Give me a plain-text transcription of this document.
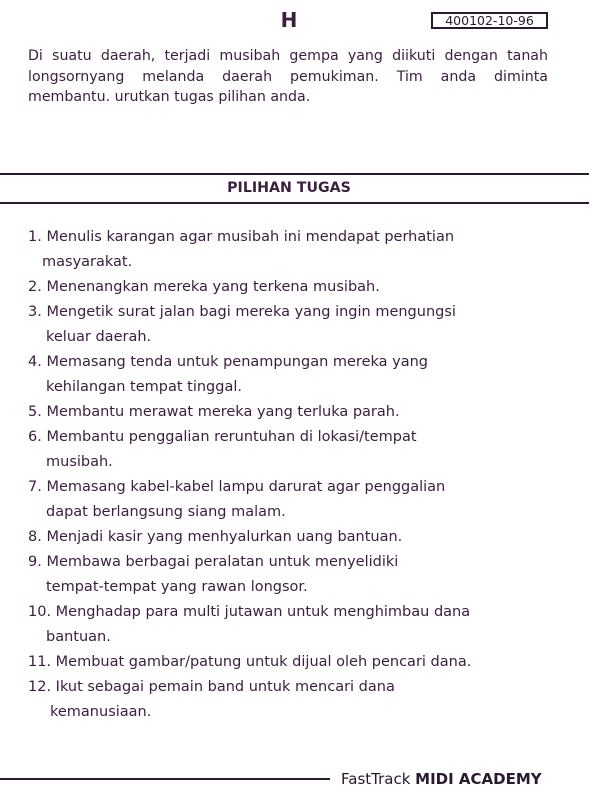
H	400102-10-96
Di suatu daerah, terjadi musibah gempa yang diikuti dengan tanah longsornyang melanda daerah pemukiman. Tim anda diminta membantu. urutkan tugas pilihan anda.
PILIHAN TUGAS
1. Menulis karangan agar musibah ini mendapat perhatian
masyarakat.
2. Menenangkan mereka yang terkena musibah.
3. Mengetik surat jalan bagi mereka yang ingin mengungsi
keluar daerah.
4. Memasang tenda untuk penampungan mereka yang
kehilangan tempat tinggal.
5. Membantu merawat mereka yang terluka parah.
6. Membantu penggalian reruntuhan di lokasi/tempat
musibah.
7. Memasang kabel-kabel lampu darurat agar penggalian
dapat berlangsung siang malam.
8. Menjadi kasir yang menhyalurkan uang bantuan.
9. Membawa berbagai peralatan untuk menyelidiki
tempat-tempat yang rawan longsor.
10. Menghadap para multi jutawan untuk menghimbau dana
bantuan.
11. Membuat gambar/patung untuk dijual oleh pencari dana.
12. Ikut sebagai pemain band untuk mencari dana
kemanusiaan.
FastTrack MIDI ACADEMY
